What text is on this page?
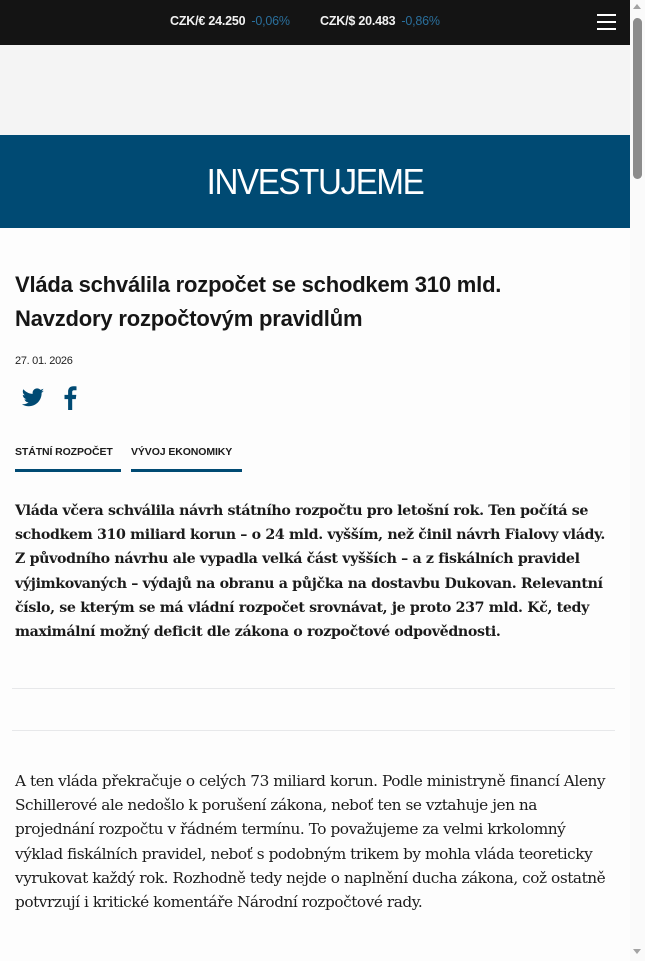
CZK/€ 24.250 -0,06% CZK/$ 20.483 -0,86%
INVESTUJEME
Vláda schválila rozpočet se schodkem 310 mld. Navzdory rozpočtovým pravidlům
27. 01. 2026
STÁTNÍ ROZPOČET	VÝVOJ EKONOMIKY

Vláda včera schválila návrh státního rozpočtu pro letošní rok. Ten počítá se schodkem 310 miliard korun – o 24 mld. vyšším, než činil návrh Fialovy vlády. Z původního návrhu ale vypadla velká část vyšších – a z fiskálních pravidel výjimkovaných – výdajů na obranu a půjčka na dostavbu Dukovan. Relevantní číslo, se kterým se má vládní rozpočet srovnávat, je proto 237 mld. Kč, tedy maximální možný deficit dle zákona o rozpočtové odpovědnosti.

A ten vláda překračuje o celých 73 miliard korun. Podle ministryně financí Aleny Schillerové ale nedošlo k porušení zákona, neboť ten se vztahuje jen na projednání rozpočtu v řádném termínu. To považujeme za velmi krkolomný výklad fiskálních pravidel, neboť s podobným trikem by mohla vláda teoreticky vyrukovat každý rok. Rozhodně tedy nejde o naplnění ducha zákona, což ostatně potvrzují i kritické komentáře Národní rozpočtové rady.
